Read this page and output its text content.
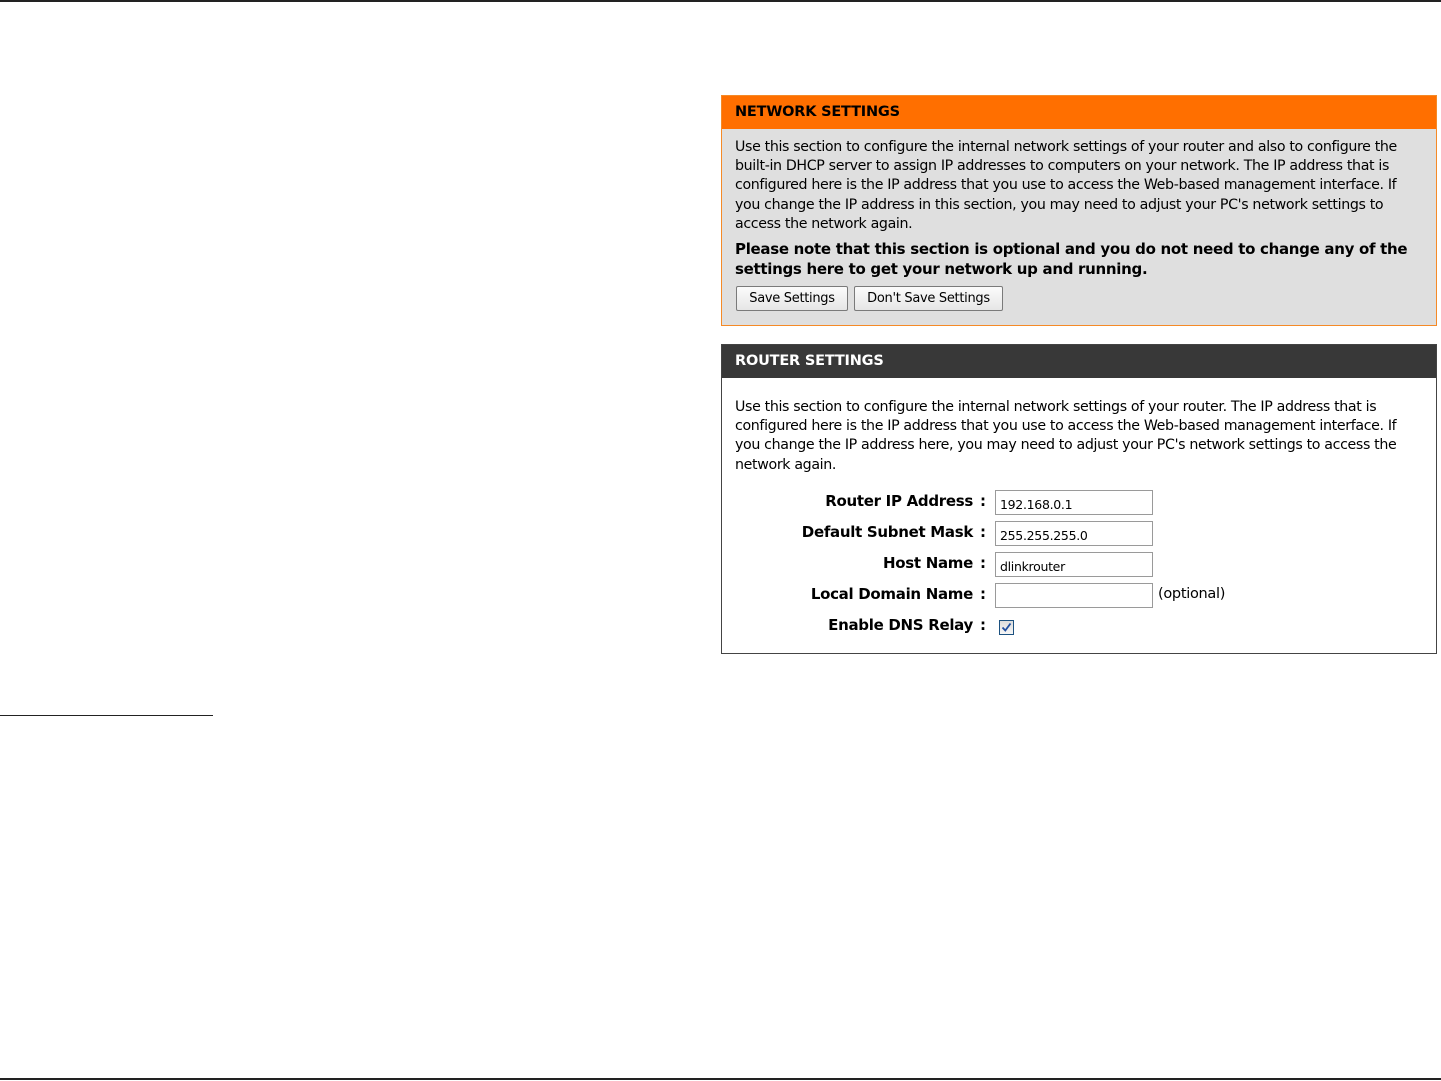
NETWORK SETTINGS

Use this section to configure the internal network settings of your router and also to configure the built-in DHCP server to assign IP addresses to computers on your network. The IP address that is configured here is the IP address that you use to access the Web-based management interface. If you change the IP address in this section, you may need to adjust your PC's network settings to access the network again.

Please note that this section is optional and you do not need to change any of the settings here to get your network up and running.

Save Settings	Don't Save Settings
ROUTER SETTINGS

Use this section to configure the internal network settings of your router. The IP address that is configured here is the IP address that you use to access the Web-based management interface. If you change the IP address here, you may need to adjust your PC's network settings to access the network again.

Router IP Address :
192.168.0.1
Default Subnet Mask :
255.255.255.0
Host Name :
dlinkrouter
Local Domain Name :	(optional)
Enable DNS Relay :
